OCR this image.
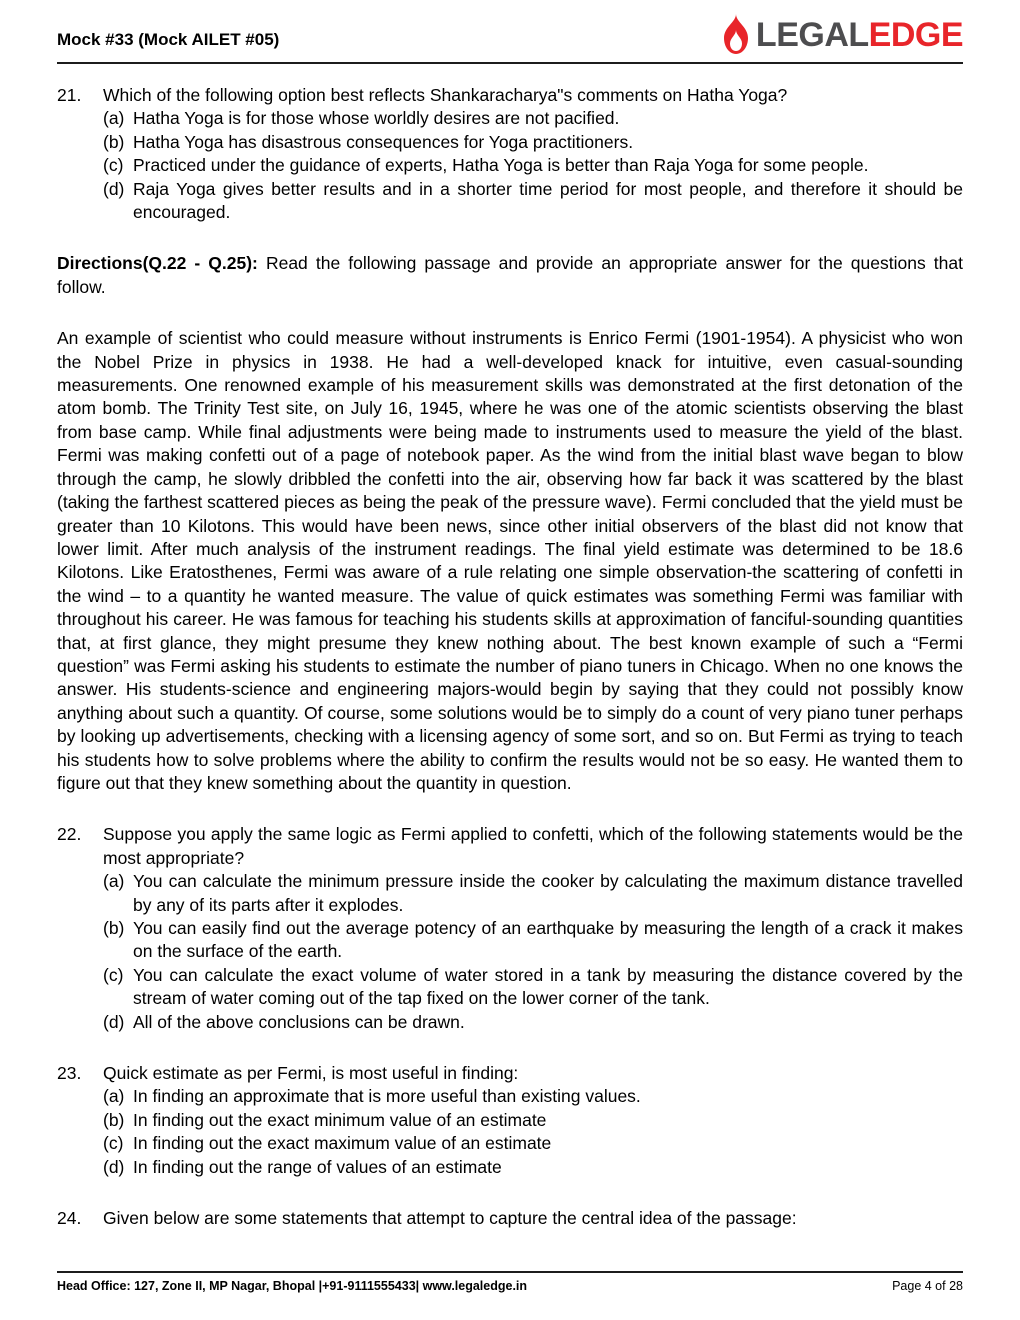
Mock #33 (Mock AILET #05)	LEGALEDGE
21.	Which of the following option best reflects Shankaracharya"s comments on Hatha Yoga?

(a) Hatha Yoga is for those whose worldly desires are not pacified.

(b) Hatha Yoga has disastrous consequences for Yoga practitioners.

(c) Practiced under the guidance of experts, Hatha Yoga is better than Raja Yoga for some people.

(d) Raja Yoga gives better results and in a shorter time period for most people, and therefore it should be encouraged.

Directions(Q.22 - Q.25): Read the following passage and provide an appropriate answer for the questions that follow.

An example of scientist who could measure without instruments is Enrico Fermi (1901-1954). A physicist who won the Nobel Prize in physics in 1938. He had a well-developed knack for intuitive, even casual-sounding measurements. One renowned example of his measurement skills was demonstrated at the first detonation of the atom bomb. The Trinity Test site, on July 16, 1945, where he was one of the atomic scientists observing the blast from base camp. While final adjustments were being made to instruments used to measure the yield of the blast. Fermi was making confetti out of a page of notebook paper. As the wind from the initial blast wave began to blow through the camp, he slowly dribbled the confetti into the air, observing how far back it was scattered by the blast (taking the farthest scattered pieces as being the peak of the pressure wave). Fermi concluded that the yield must be greater than 10 Kilotons. This would have been news, since other initial observers of the blast did not know that lower limit. After much analysis of the instrument readings. The final yield estimate was determined to be 18.6 Kilotons. Like Eratosthenes, Fermi was aware of a rule relating one simple observation-the scattering of confetti in the wind – to a quantity he wanted measure. The value of quick estimates was something Fermi was familiar with throughout his career. He was famous for teaching his students skills at approximation of fanciful-sounding quantities that, at first glance, they might presume they knew nothing about. The best known example of such a “Fermi question” was Fermi asking his students to estimate the number of piano tuners in Chicago. When no one knows the answer. His students-science and engineering majors-would begin by saying that they could not possibly know anything about such a quantity. Of course, some solutions would be to simply do a count of very piano tuner perhaps by looking up advertisements, checking with a licensing agency of some sort, and so on. But Fermi as trying to teach his students how to solve problems where the ability to confirm the results would not be so easy. He wanted them to figure out that they knew something about the quantity in question.

22.	Suppose you apply the same logic as Fermi applied to confetti, which of the following statements would be the most appropriate?

(a) You can calculate the minimum pressure inside the cooker by calculating the maximum distance travelled by any of its parts after it explodes.

(b) You can easily find out the average potency of an earthquake by measuring the length of a crack it makes on the surface of the earth.

(c) You can calculate the exact volume of water stored in a tank by measuring the distance covered by the stream of water coming out of the tap fixed on the lower corner of the tank.

(d) All of the above conclusions can be drawn.

23.	Quick estimate as per Fermi, is most useful in finding:

(a) In finding an approximate that is more useful than existing values.

(b) In finding out the exact minimum value of an estimate

(c) In finding out the exact maximum value of an estimate

(d) In finding out the range of values of an estimate

24.	Given below are some statements that attempt to capture the central idea of the passage:

Head Office: 127, Zone II, MP Nagar, Bhopal |+91-9111555433| www.legaledge.in	Page 4 of 28
